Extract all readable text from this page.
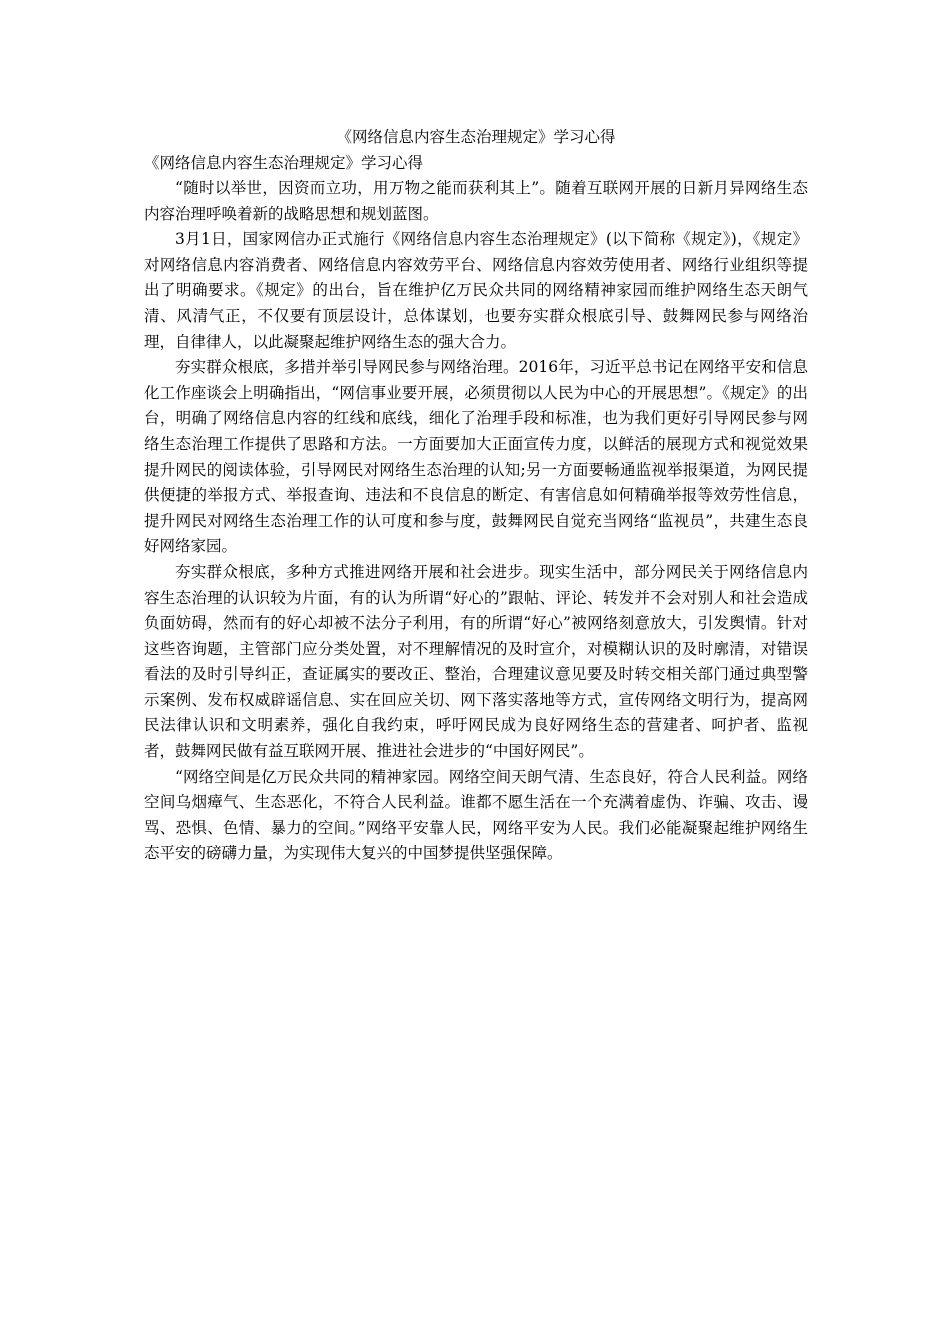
《网络信息内容生态治理规定》学习心得

《网络信息内容生态治理规定》学习心得

“随时以举世，因资而立功，用万物之能而获利其上”。随着互联网开展的日新月异网络生态内容治理呼唤着新的战略思想和规划蓝图。

3月1日，国家网信办正式施行《网络信息内容生态治理规定》(以下简称《规定》)，《规定》对网络信息内容消费者、网络信息内容效劳平台、网络信息内容效劳使用者、网络行业组织等提出了明确要求。《规定》的出台，旨在维护亿万民众共同的网络精神家园而维护网络生态天朗气清、风清气正，不仅要有顶层设计，总体谋划，也要夯实群众根底引导、鼓舞网民参与网络治理，自律律人，以此凝聚起维护网络生态的强大合力。

夯实群众根底，多措并举引导网民参与网络治理。2016年，习近平总书记在网络平安和信息化工作座谈会上明确指出，“网信事业要开展，必须贯彻以人民为中心的开展思想”。《规定》的出台，明确了网络信息内容的红线和底线，细化了治理手段和标准，也为我们更好引导网民参与网络生态治理工作提供了思路和方法。一方面要加大正面宣传力度，以鲜活的展现方式和视觉效果提升网民的阅读体验，引导网民对网络生态治理的认知;另一方面要畅通监视举报渠道，为网民提供便捷的举报方式、举报查询、违法和不良信息的断定、有害信息如何精确举报等效劳性信息，提升网民对网络生态治理工作的认可度和参与度，鼓舞网民自觉充当网络“监视员”，共建生态良好网络家园。

夯实群众根底，多种方式推进网络开展和社会进步。现实生活中，部分网民关于网络信息内容生态治理的认识较为片面，有的认为所谓“好心的”跟帖、评论、转发并不会对别人和社会造成负面妨碍，然而有的好心却被不法分子利用，有的所谓“好心”被网络刻意放大，引发舆情。针对这些咨询题，主管部门应分类处置，对不理解情况的及时宣介，对模糊认识的及时廓清，对错误看法的及时引导纠正，查证属实的要改正、整治，合理建议意见要及时转交相关部门通过典型警示案例、发布权威辟谣信息、实在回应关切、网下落实落地等方式，宣传网络文明行为，提高网民法律认识和文明素养，强化自我约束，呼吁网民成为良好网络生态的营建者、呵护者、监视者，鼓舞网民做有益互联网开展、推进社会进步的“中国好网民”。

“网络空间是亿万民众共同的精神家园。网络空间天朗气清、生态良好，符合人民利益。网络空间乌烟瘴气、生态恶化，不符合人民利益。谁都不愿生活在一个充满着虚伪、诈骗、攻击、谩骂、恐惧、色情、暴力的空间。”网络平安靠人民，网络平安为人民。我们必能凝聚起维护网络生态平安的磅礴力量，为实现伟大复兴的中国梦提供坚强保障。
